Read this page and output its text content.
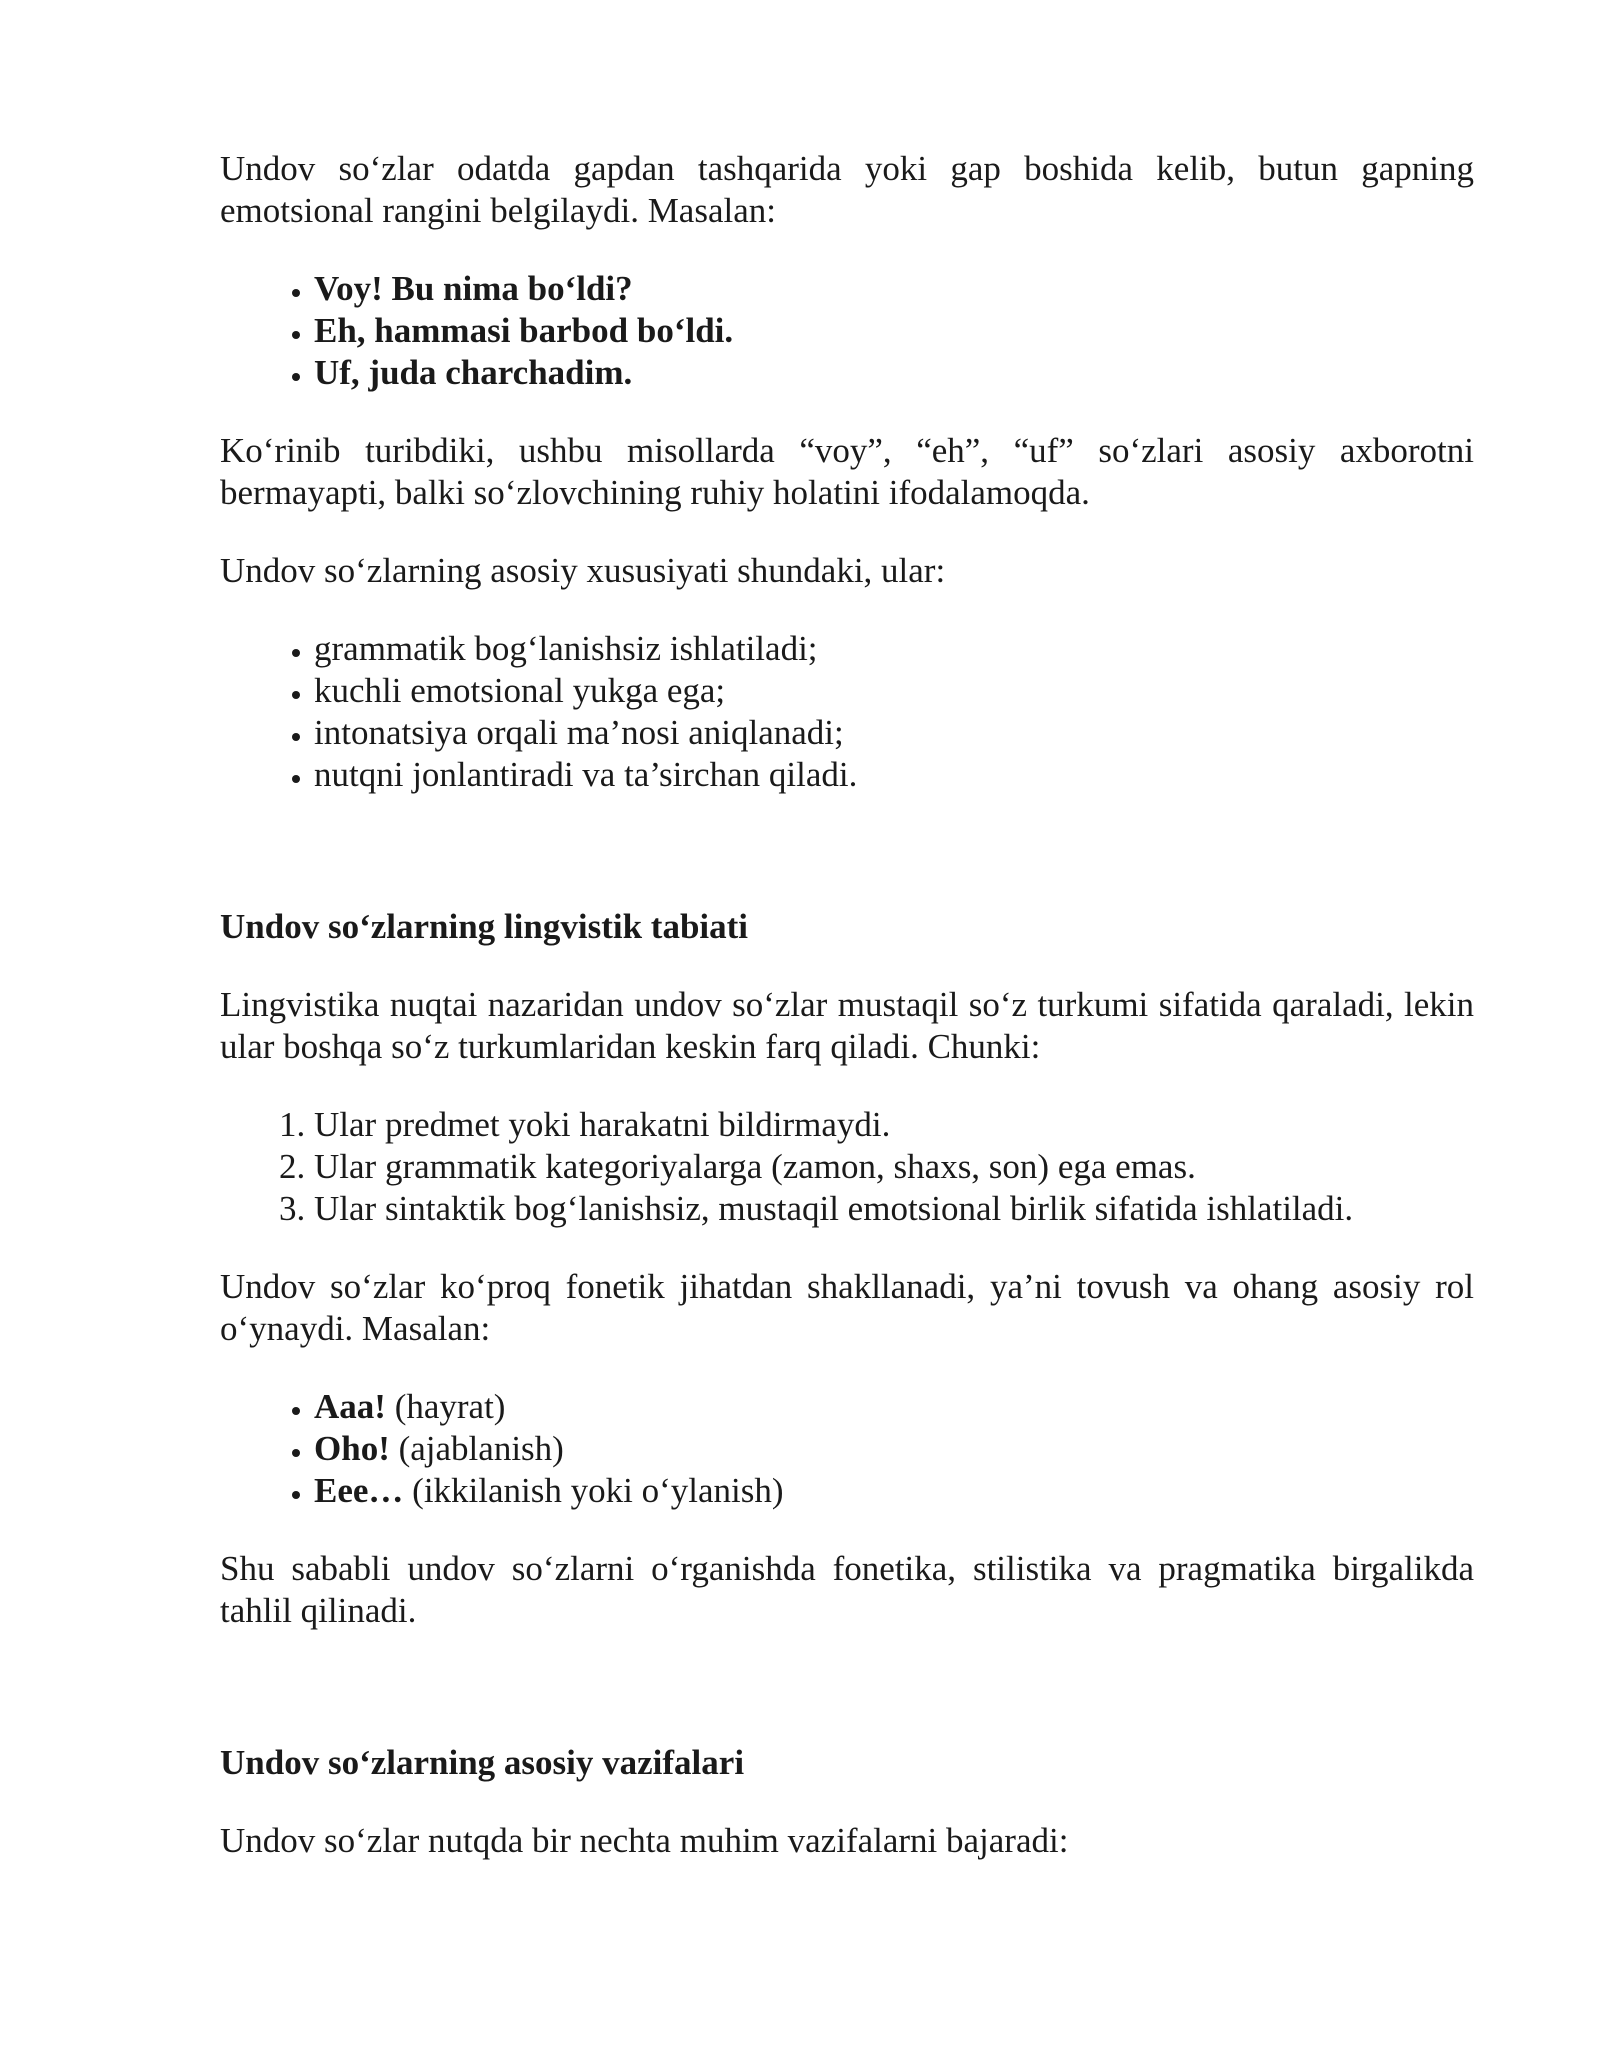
Undov so‘zlar odatda gapdan tashqarida yoki gap boshida kelib, butun gapning emotsional rangini belgilaydi. Masalan:

• Voy! Bu nima bo‘ldi?
• Eh, hammasi barbod bo‘ldi.
• Uf, juda charchadim.

Ko‘rinib turibdiki, ushbu misollarda “voy”, “eh”, “uf” so‘zlari asosiy axborotni bermayapti, balki so‘zlovchining ruhiy holatini ifodalamoqda.

Undov so‘zlarning asosiy xususiyati shundaki, ular:

• grammatik bog‘lanishsiz ishlatiladi;
• kuchli emotsional yukga ega;
• intonatsiya orqali ma’nosi aniqlanadi;
• nutqni jonlantiradi va ta’sirchan qiladi.
Undov so‘zlarning lingvistik tabiati

Lingvistika nuqtai nazaridan undov so‘zlar mustaqil so‘z turkumi sifatida qaraladi, lekin ular boshqa so‘z turkumlaridan keskin farq qiladi. Chunki:

1. Ular predmet yoki harakatni bildirmaydi.
2. Ular grammatik kategoriyalarga (zamon, shaxs, son) ega emas.
3. Ular sintaktik bog‘lanishsiz, mustaqil emotsional birlik sifatida ishlatiladi.

Undov so‘zlar ko‘proq fonetik jihatdan shakllanadi, ya’ni tovush va ohang asosiy rol o‘ynaydi. Masalan:

• Aaa! (hayrat)
• Oho! (ajablanish)
• Eee… (ikkilanish yoki o‘ylanish)

Shu sababli undov so‘zlarni o‘rganishda fonetika, stilistika va pragmatika birgalikda tahlil qilinadi.

Undov so‘zlarning asosiy vazifalari

Undov so‘zlar nutqda bir nechta muhim vazifalarni bajaradi:
